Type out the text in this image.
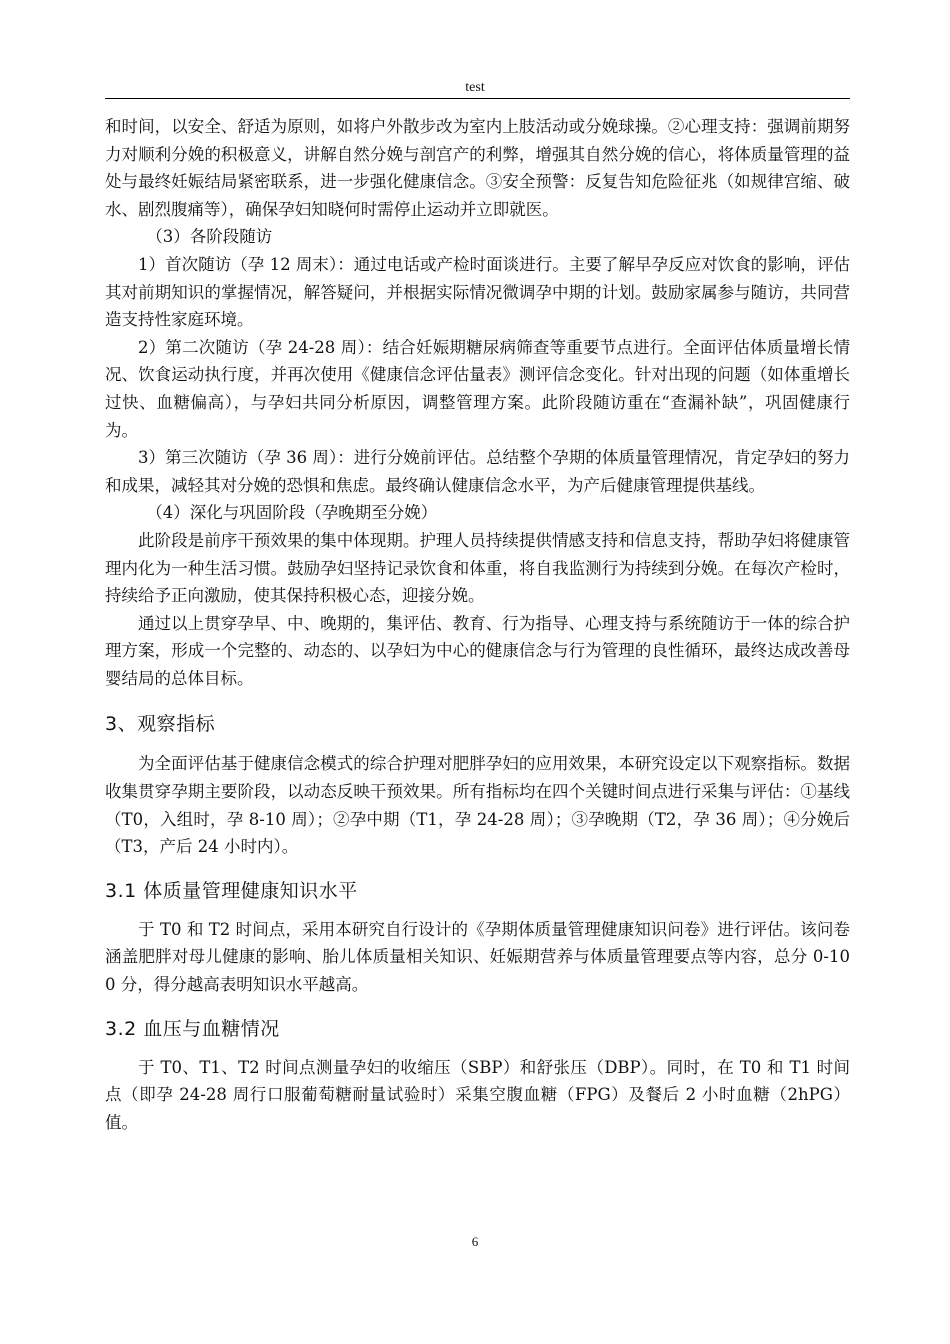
test

和时间，以安全、舒适为原则，如将户外散步改为室内上肢活动或分娩球操。②心理支持：强调前期努力对顺利分娩的积极意义，讲解自然分娩与剖宫产的利弊，增强其自然分娩的信心，将体质量管理的益处与最终妊娠结局紧密联系，进一步强化健康信念。③安全预警：反复告知危险征兆（如规律宫缩、破水、剧烈腹痛等），确保孕妇知晓何时需停止运动并立即就医。

（3）各阶段随访

1）首次随访（孕 12 周末）：通过电话或产检时面谈进行。主要了解早孕反应对饮食的影响，评估其对前期知识的掌握情况，解答疑问，并根据实际情况微调孕中期的计划。鼓励家属参与随访，共同营造支持性家庭环境。

2）第二次随访（孕 24-28 周）：结合妊娠期糖尿病筛查等重要节点进行。全面评估体质量增长情况、饮食运动执行度，并再次使用《健康信念评估量表》测评信念变化。针对出现的问题（如体重增长过快、血糖偏高），与孕妇共同分析原因，调整管理方案。此阶段随访重在“查漏补缺”，巩固健康行为。

3）第三次随访（孕 36 周）：进行分娩前评估。总结整个孕期的体质量管理情况，肯定孕妇的努力和成果，减轻其对分娩的恐惧和焦虑。最终确认健康信念水平，为产后健康管理提供基线。

（4）深化与巩固阶段（孕晚期至分娩）

此阶段是前序干预效果的集中体现期。护理人员持续提供情感支持和信息支持，帮助孕妇将健康管理内化为一种生活习惯。鼓励孕妇坚持记录饮食和体重，将自我监测行为持续到分娩。在每次产检时，持续给予正向激励，使其保持积极心态，迎接分娩。

通过以上贯穿孕早、中、晚期的，集评估、教育、行为指导、心理支持与系统随访于一体的综合护理方案，形成一个完整的、动态的、以孕妇为中心的健康信念与行为管理的良性循环，最终达成改善母婴结局的总体目标。

3、观察指标

为全面评估基于健康信念模式的综合护理对肥胖孕妇的应用效果，本研究设定以下观察指标。数据收集贯穿孕期主要阶段，以动态反映干预效果。所有指标均在四个关键时间点进行采集与评估：①基线（T0，入组时，孕 8-10 周）；②孕中期（T1，孕 24-28 周）；③孕晚期（T2，孕 36 周）；④分娩后（T3，产后 24 小时内）。

3.1 体质量管理健康知识水平

于 T0 和 T2 时间点，采用本研究自行设计的《孕期体质量管理健康知识问卷》进行评估。该问卷涵盖肥胖对母儿健康的影响、胎儿体质量相关知识、妊娠期营养与体质量管理要点等内容，总分 0-100 分，得分越高表明知识水平越高。

3.2 血压与血糖情况

于 T0、T1、T2 时间点测量孕妇的收缩压（SBP）和舒张压（DBP）。同时，在 T0 和 T1 时间点（即孕 24-28 周行口服葡萄糖耐量试验时）采集空腹血糖（FPG）及餐后 2 小时血糖（2hPG）值。

6
